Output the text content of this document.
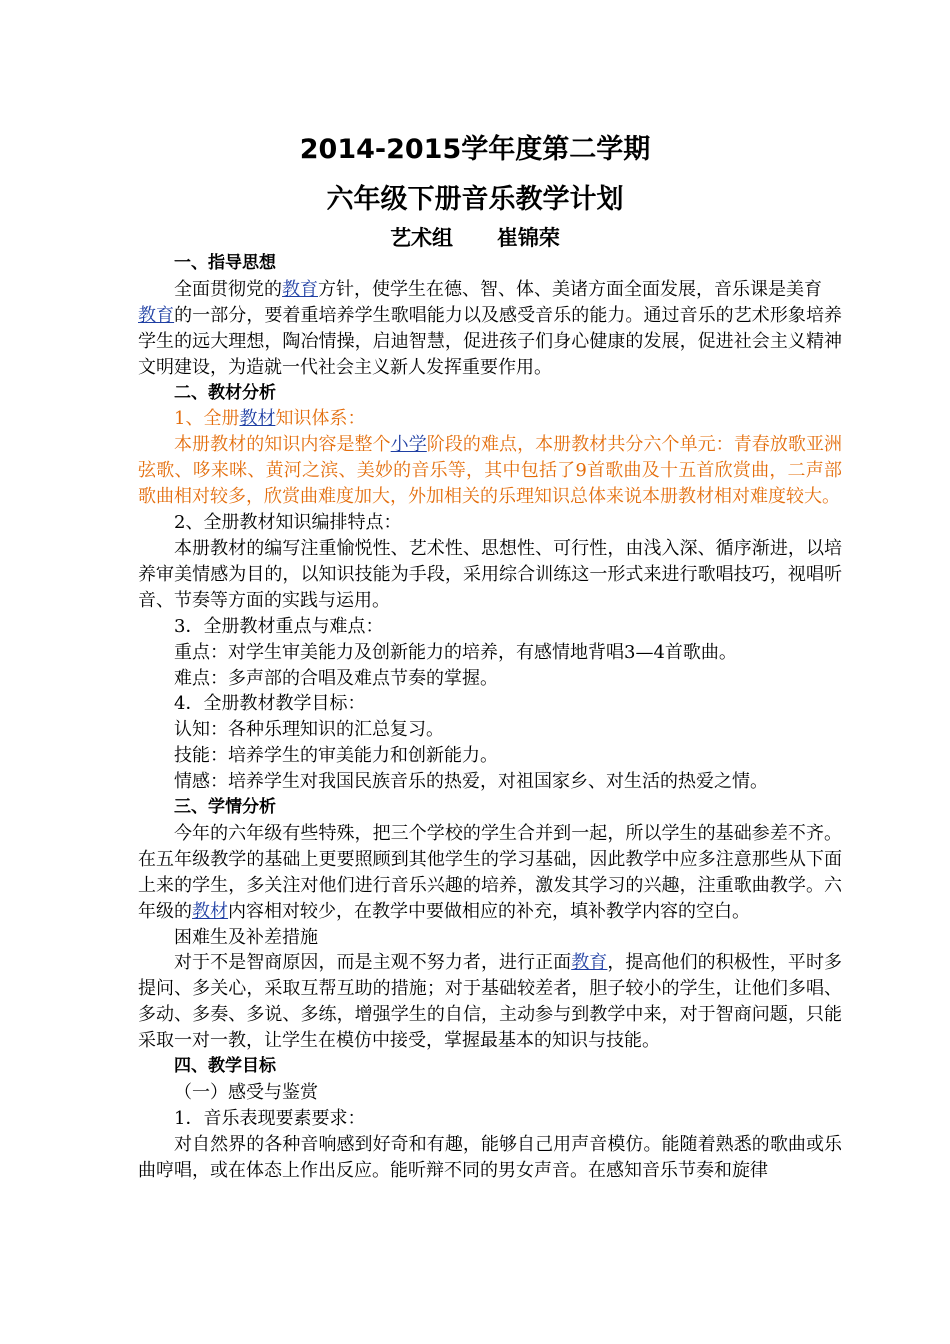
2014-2015学年度第二学期
六年级下册音乐教学计划
艺术组      崔锦荣

一、指导思想

全面贯彻党的教育方针，使学生在德、智、体、美诸方面全面发展，音乐课是美育
教育的一部分，要着重培养学生歌唱能力以及感受音乐的能力。通过音乐的艺术形象培养学生的远大理想，陶冶情操，启迪智慧，促进孩子们身心健康的发展，促进社会主义精神文明建设，为造就一代社会主义新人发挥重要作用。

二、教材分析

1、全册教材知识体系：

本册教材的知识内容是整个小学阶段的难点，本册教材共分六个单元：青春放歌亚洲弦歌、哆来咪、黄河之滨、美妙的音乐等，其中包括了9首歌曲及十五首欣赏曲，二声部歌曲相对较多，欣赏曲难度加大，外加相关的乐理知识总体来说本册教材相对难度较大。

2、全册教材知识编排特点：

本册教材的编写注重愉悦性、艺术性、思想性、可行性，由浅入深、循序渐进，以培养审美情感为目的，以知识技能为手段，采用综合训练这一形式来进行歌唱技巧，视唱听音、节奏等方面的实践与运用。

3．全册教材重点与难点：

重点：对学生审美能力及创新能力的培养，有感情地背唱3—4首歌曲。

难点：多声部的合唱及难点节奏的掌握。

4．全册教材教学目标：

认知：各种乐理知识的汇总复习。

技能：培养学生的审美能力和创新能力。

情感：培养学生对我国民族音乐的热爱，对祖国家乡、对生活的热爱之情。

三、学情分析

今年的六年级有些特殊，把三个学校的学生合并到一起，所以学生的基础参差不齐。在五年级教学的基础上更要照顾到其他学生的学习基础，因此教学中应多注意那些从下面上来的学生，多关注对他们进行音乐兴趣的培养，激发其学习的兴趣，注重歌曲教学。六年级的教材内容相对较少，在教学中要做相应的补充，填补教学内容的空白。

困难生及补差措施

对于不是智商原因，而是主观不努力者，进行正面教育，提高他们的积极性，平时多提问、多关心，采取互帮互助的措施；对于基础较差者，胆子较小的学生，让他们多唱、多动、多奏、多说、多练，增强学生的自信，主动参与到教学中来，对于智商问题，只能采取一对一教，让学生在模仿中接受，掌握最基本的知识与技能。

四、教学目标

（一）感受与鉴赏

1．音乐表现要素要求：

对自然界的各种音响感到好奇和有趣，能够自己用声音模仿。能随着熟悉的歌曲或乐曲哼唱，或在体态上作出反应。能听辩不同的男女声音。在感知音乐节奏和旋律
